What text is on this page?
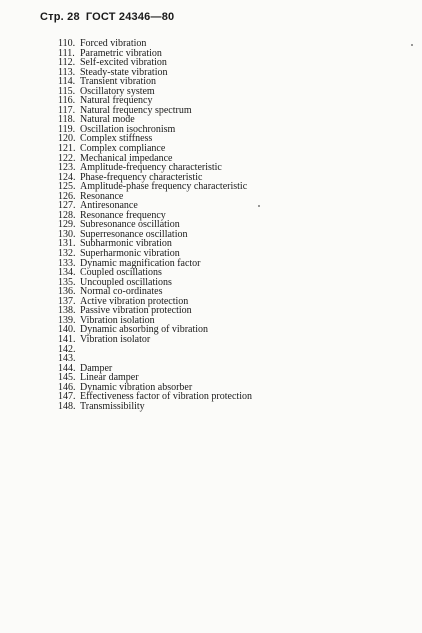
Стр. 28 ГОСТ 24346—80
110. Forced vibration
111. Parametric vibration
112. Self-excited vibration
113. Steady-state vibration
114. Transient vibration
115. Oscillatory system
116. Natural frequency
117. Natural frequency spectrum
118. Natural mode
119. Oscillation isochronism
120. Complex stiffness
121. Complex compliance
122. Mechanical impedance
123. Amplitude-frequency characteristic
124. Phase-frequency characteristic
125. Amplitude-phase frequency characteristic
126. Resonance
127. Antiresonance
128. Resonance frequency
129. Subresonance oscillation
130. Superresonance oscillation
131. Subharmonic vibration
132. Superharmonic vibration
133. Dynamic magnification factor
134. Coupled oscillations
135. Uncoupled oscillations
136. Normal co-ordinates
137. Active vibration protection
138. Passive vibration protection
139. Vibration isolation
140. Dynamic absorbing of vibration
141. Vibration isolator
142.
143.
144. Damper
145. Linear damper
146. Dynamic vibration absorber
147. Effectiveness factor of vibration protection
148. Transmissibility
